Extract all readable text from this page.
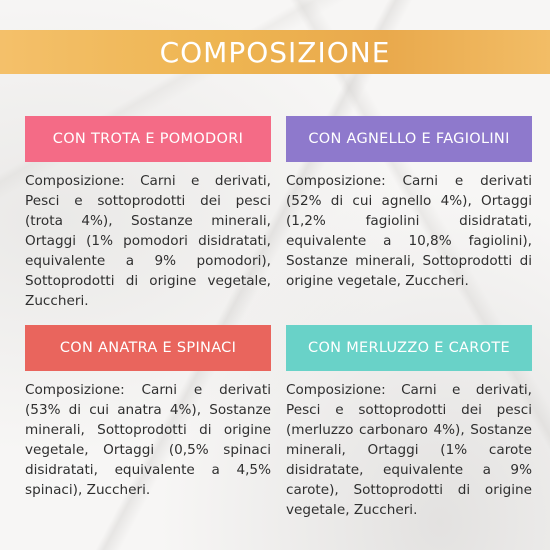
COMPOSIZIONE
CON TROTA E POMODORI
Composizione: Carni e derivati, Pesci e sottoprodotti dei pesci (trota 4%), Sostanze minerali, Ortaggi (1% pomodori disidratati, equivalente a 9% pomodori), Sottoprodotti di origine vegetale, Zuccheri.
CON AGNELLO E FAGIOLINI
Composizione: Carni e derivati (52% di cui agnello 4%), Ortaggi (1,2% fagiolini disidratati, equivalente a 10,8% fagiolini), Sostanze minerali, Sottoprodotti di origine vegetale, Zuccheri.
CON ANATRA E SPINACI
Composizione: Carni e derivati (53% di cui anatra 4%), Sostanze minerali, Sottoprodotti di origine vegetale, Ortaggi (0,5% spinaci disidratati, equivalente a 4,5% spinaci), Zuccheri.
CON MERLUZZO E CAROTE
Composizione: Carni e derivati, Pesci e sottoprodotti dei pesci (merluzzo carbonaro 4%), Sostanze minerali, Ortaggi (1% carote disidratate, equivalente a 9% carote), Sottoprodotti di origine vegetale, Zuccheri.
